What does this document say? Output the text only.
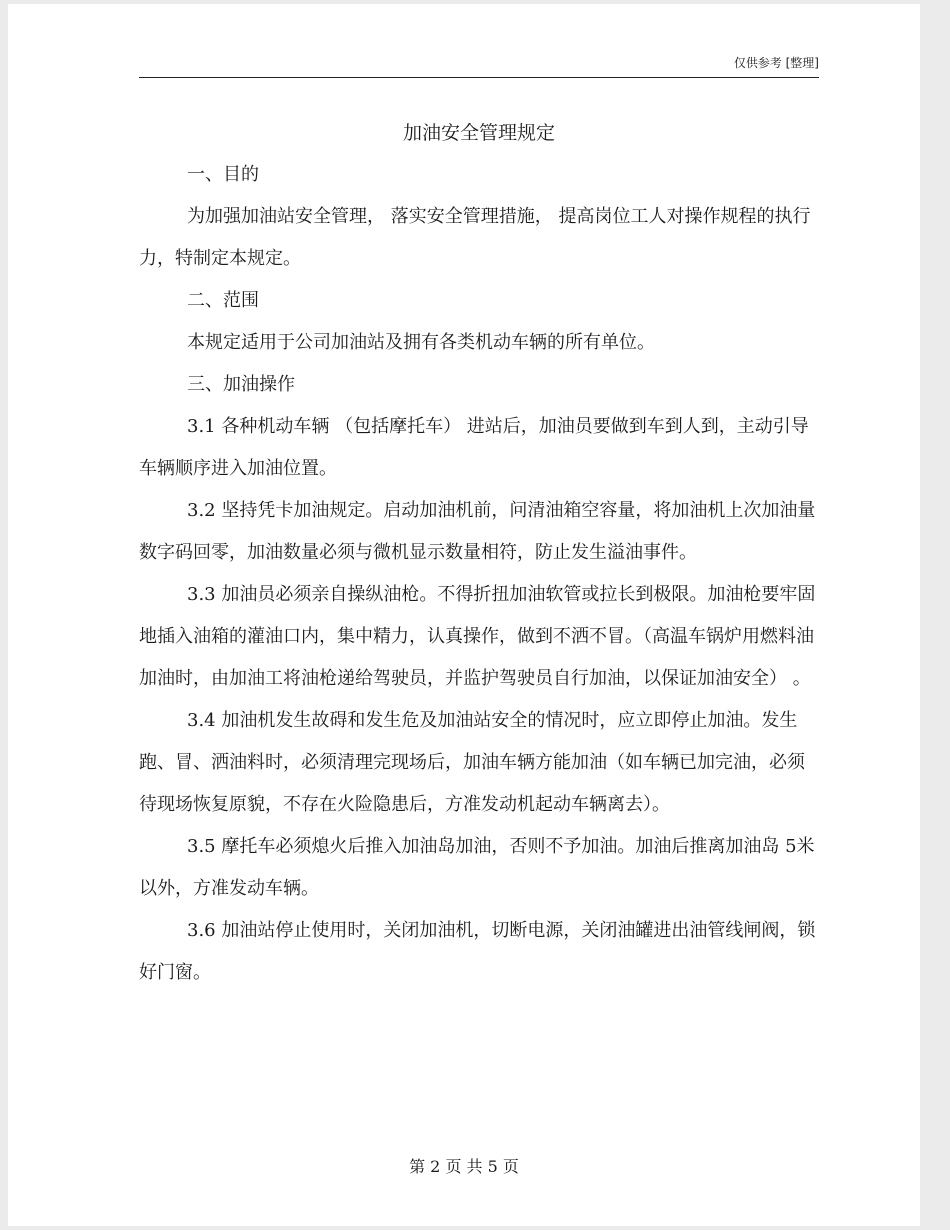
仅供参考 [整理]
加油安全管理规定
一、目的

为加强加油站安全管理， 落实安全管理措施， 提高岗位工人对操作规程的执行力，特制定本规定。

二、范围

本规定适用于公司加油站及拥有各类机动车辆的所有单位。

三、加油操作

3.1 各种机动车辆 （包括摩托车） 进站后，加油员要做到车到人到，主动引导车辆顺序进入加油位置。

3.2 坚持凭卡加油规定。启动加油机前，问清油箱空容量，将加油机上次加油量数字码回零，加油数量必须与微机显示数量相符，防止发生溢油事件。

3.3 加油员必须亲自操纵油枪。不得折扭加油软管或拉长到极限。加油枪要牢固地插入油箱的灌油口内，集中精力，认真操作，做到不洒不冒。（高温车锅炉用燃料油加油时，由加油工将油枪递给驾驶员，并监护驾驶员自行加油，以保证加油安全） 。

3.4 加油机发生故碍和发生危及加油站安全的情况时，应立即停止加油。发生跑、冒、洒油料时，必须清理完现场后，加油车辆方能加油（如车辆已加完油，必须待现场恢复原貌，不存在火险隐患后，方准发动机起动车辆离去）。

3.5 摩托车必须熄火后推入加油岛加油，否则不予加油。加油后推离加油岛 5米以外，方准发动车辆。

3.6 加油站停止使用时，关闭加油机，切断电源，关闭油罐进出油管线闸阀，锁好门窗。

第 2 页 共 5 页
